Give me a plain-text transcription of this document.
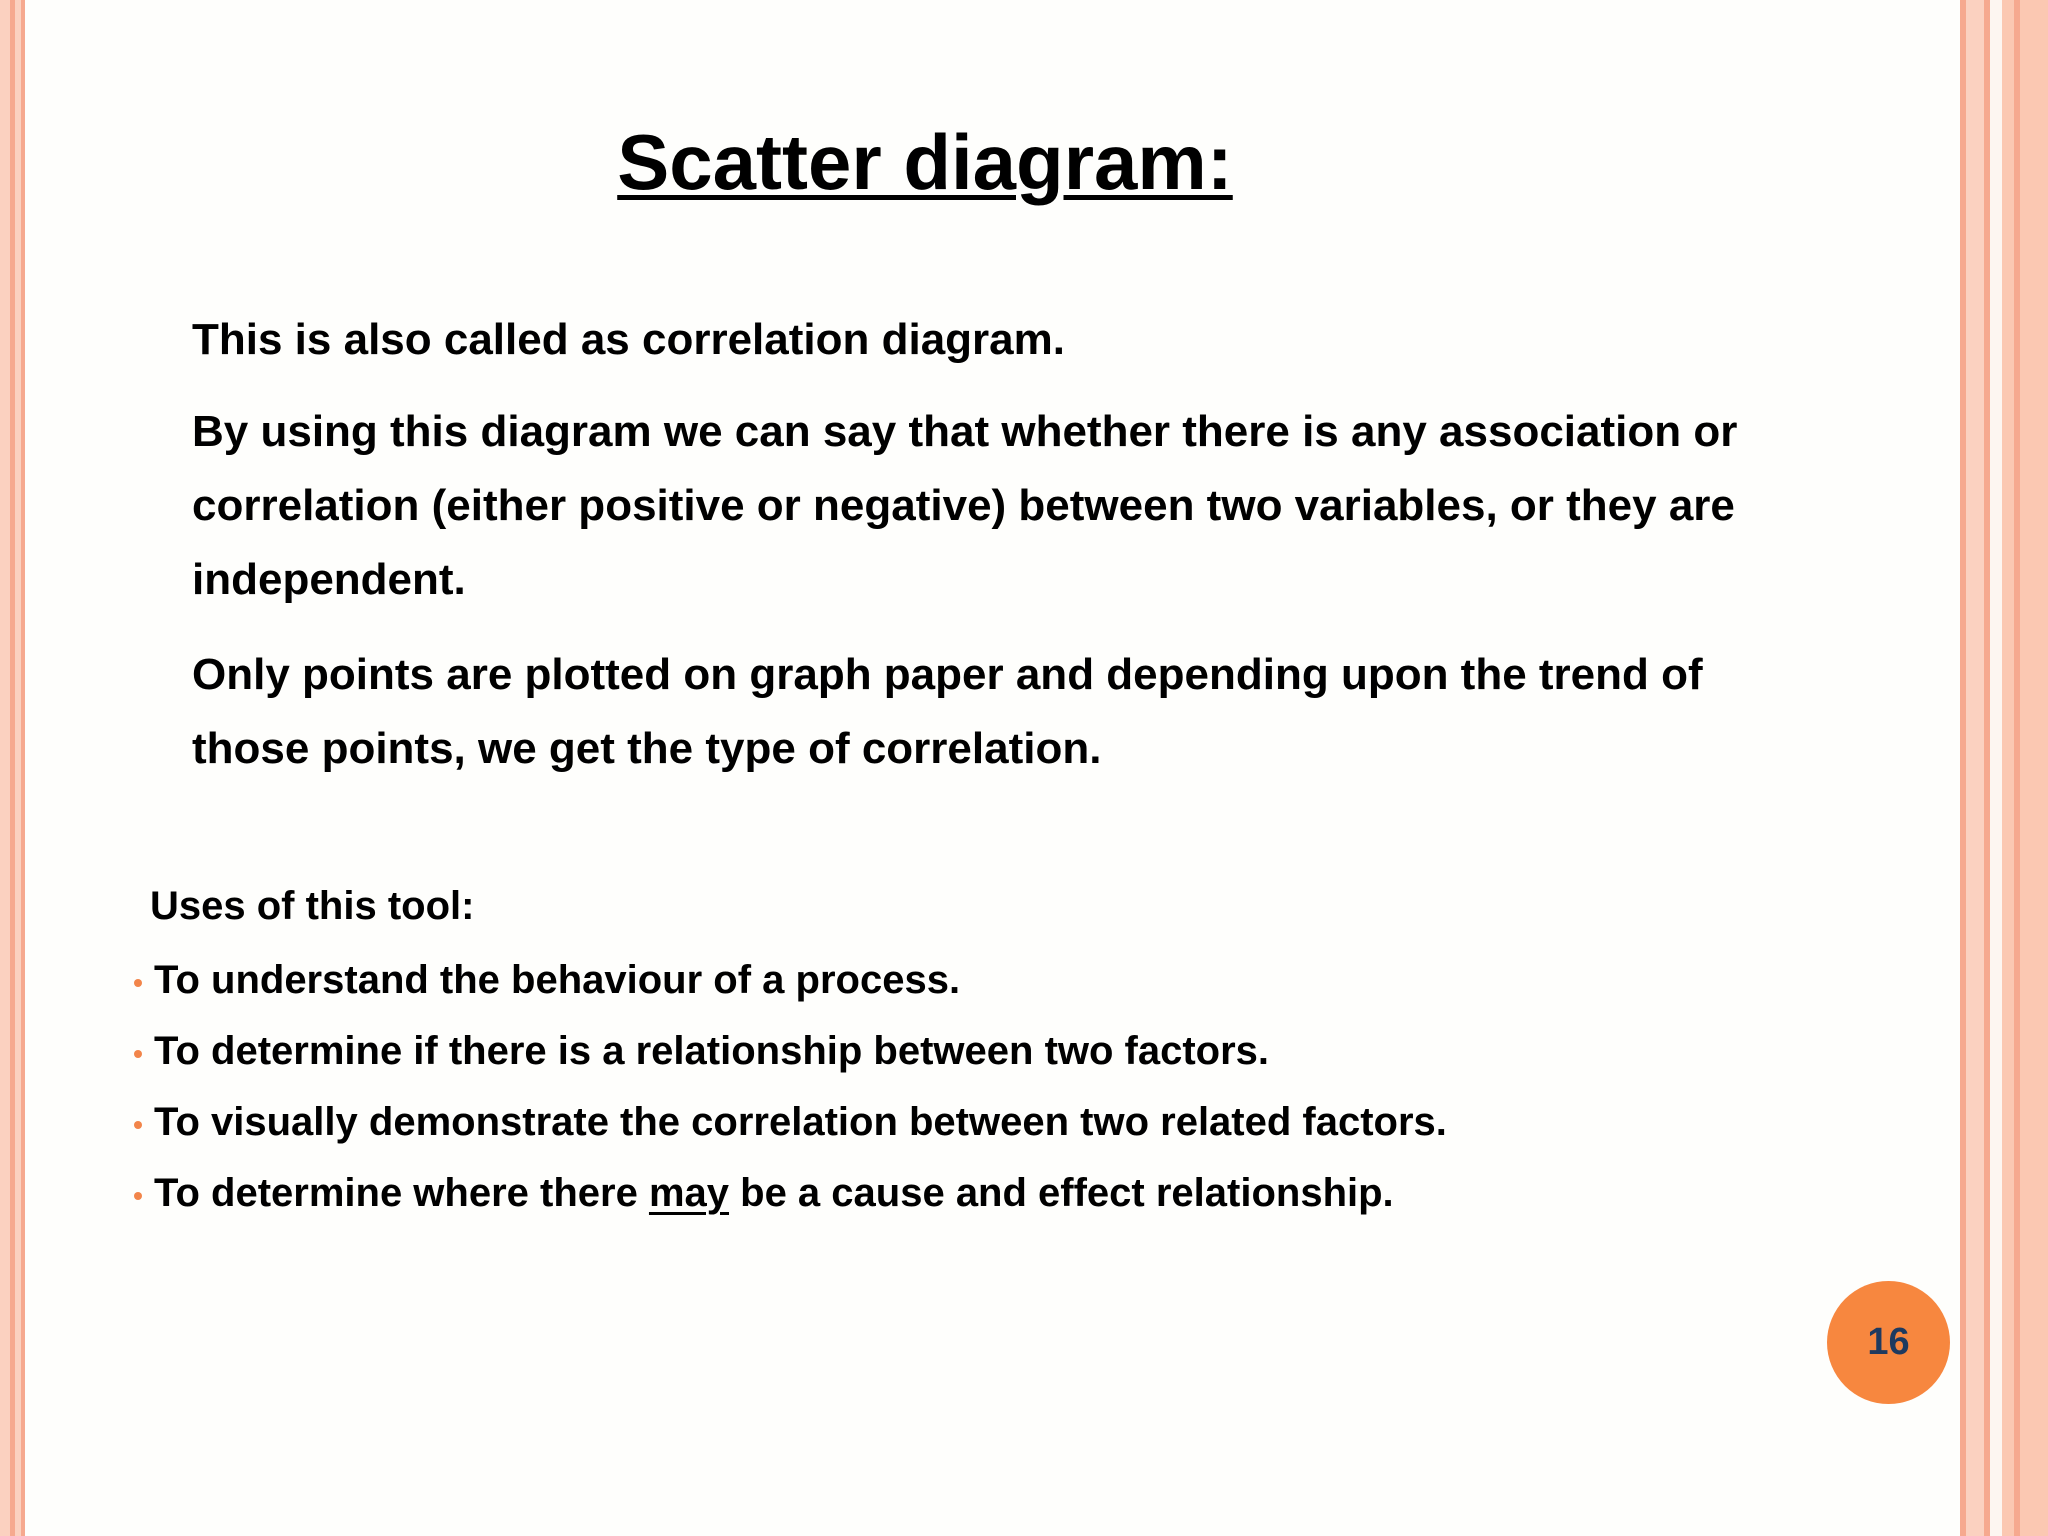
Scatter diagram:

This is also called as correlation diagram.

By using this diagram we can say that whether there is any association or correlation (either positive or negative) between two variables, or they are independent.

Only points are plotted on graph paper and depending upon the trend of those points, we get the type of correlation.

Uses of this tool:

To understand the behaviour of a process.
To determine if there is a relationship between two factors.
To visually demonstrate the correlation between two related factors.
To determine where there may be a cause and effect relationship.
16
